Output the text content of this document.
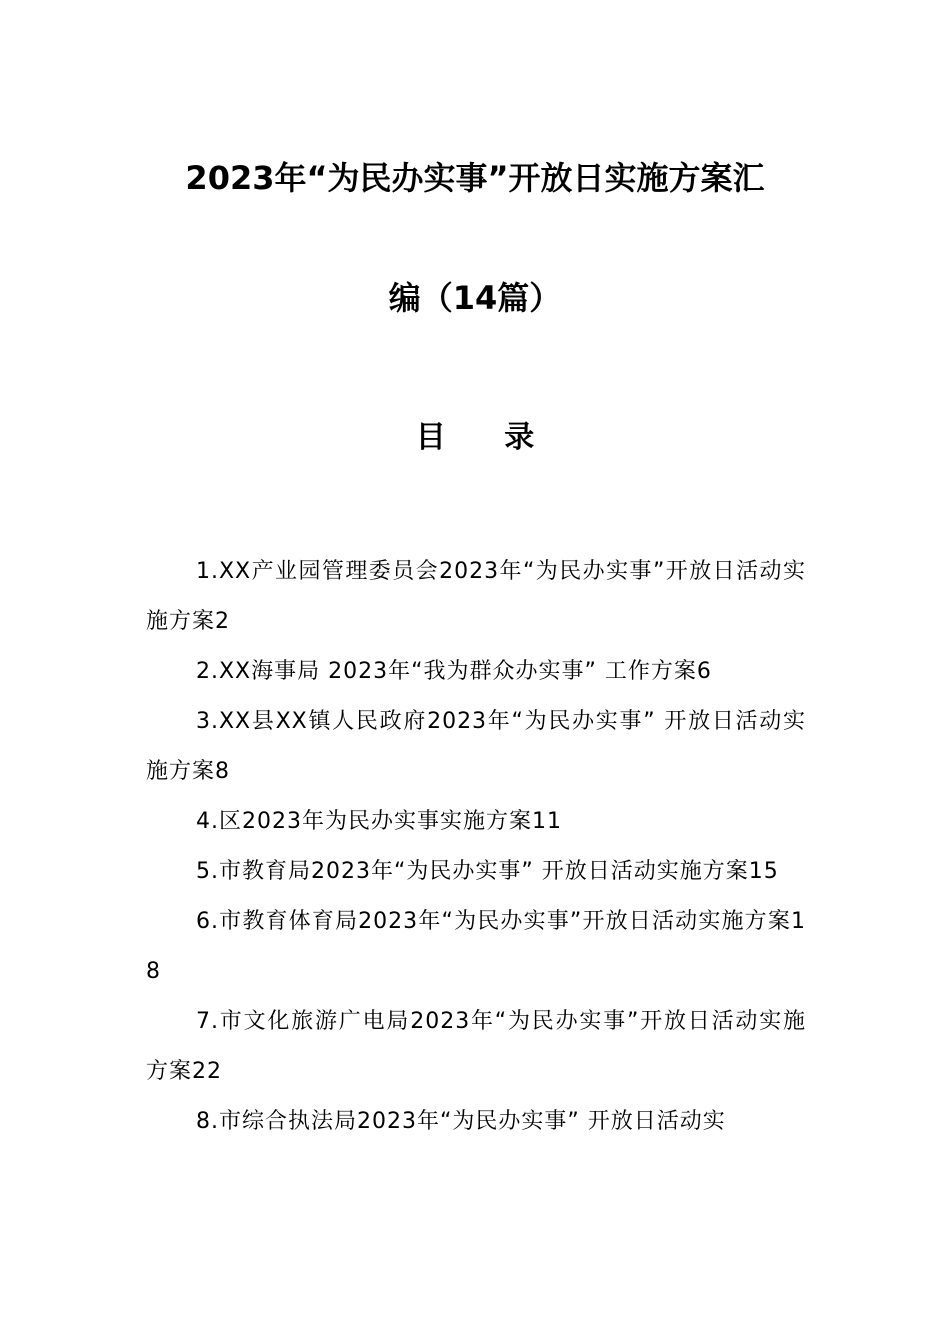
2023年“为民办实事”开放日实施方案汇
编（14篇）
目 录
1.XX产业园管理委员会2023年“为民办实事”开放日活动实施方案2
2.XX海事局 2023年“我为群众办实事” 工作方案6
3.XX县XX镇人民政府2023年“为民办实事” 开放日活动实施方案8
4.区2023年为民办实事实施方案11
5.市教育局2023年“为民办实事” 开放日活动实施方案15
6.市教育体育局2023年“为民办实事”开放日活动实施方案18
7.市文化旅游广电局2023年“为民办实事”开放日活动实施方案22
8.市综合执法局2023年“为民办实事” 开放日活动实
